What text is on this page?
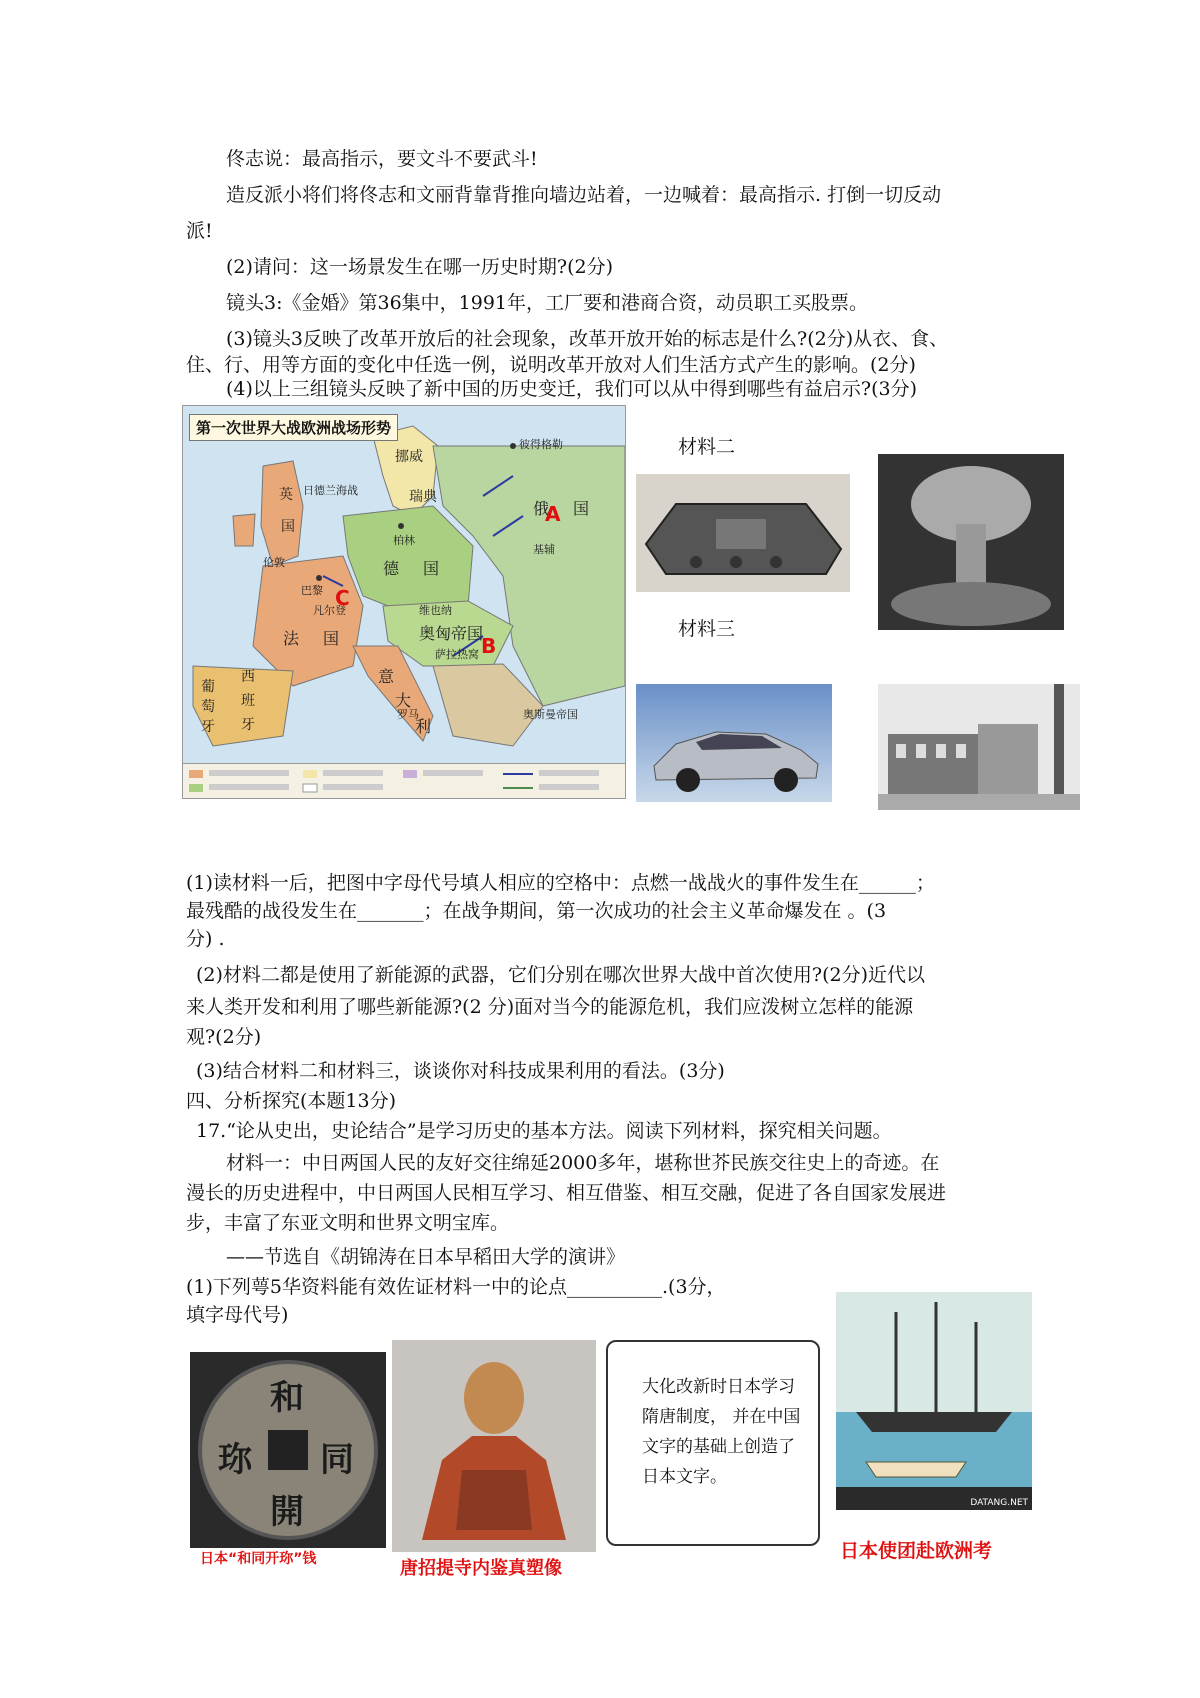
佟志说：最高指示，要文斗不要武斗!
造反派小将们将佟志和文丽背靠背推向墙边站着，一边喊着：最高指示. 打倒一切反动
派!
(2)请问：这一场景发生在哪一历史时期?(2分)
镜头3:《金婚》第36集中，1991年，工厂要和港商合资，动员职工买股票。
(3)镜头3反映了改革开放后的社会现象，改革开放开始的标志是什么?(2分)从衣、食、
住、行、用等方面的变化中任选一例，说明改革开放对人们生活方式产生的影响。(2分)
(4)以上三组镜头反映了新中国的历史变迁，我们可以从中得到哪些有益启示?(3分)
第一次世界大战欧洲战场形势
挪威
瑞典
英
国
俄 国
德 国
法 国	奥匈帝国
意
大
利
西
班
牙
葡
萄
牙
彼得格勒
伦敦
巴黎
柏林
维也纳
萨拉热窝
罗马
基辅
奥斯曼帝国
日德兰海战
凡尔登
A
B
C
材料二
材料三
(1)读材料一后，把图中字母代号填人相应的空格中：点燃一战战火的事件发生在______；
最残酷的战役发生在_______；在战争期间，第一次成功的社会主义革命爆发在 。(3
分) .
(2)材料二都是使用了新能源的武器，它们分别在哪次世界大战中首次使用?(2分)近代以
来人类开发和利用了哪些新能源?(2 分)面对当今的能源危机，我们应泼树立怎样的能源
观?(2分)
(3)结合材料二和材料三，谈谈你对科技成果利用的看法。(3分)
四、分析探究(本题13分)
17.“论从史出，史论结合”是学习历史的基本方法。阅读下列材料，探究相关问题。
材料一：中日两国人民的友好交往绵延2000多年，堪称世芥民族交往史上的奇迹。在
漫长的历史进程中，中日两国人民相互学习、相互借鉴、相互交融，促进了各自国家发展进
步，丰富了东亚文明和世界文明宝库。
——节选自《胡锦涛在日本早稻田大学的演讲》
(1)下列萼5华资料能有效佐证材料一中的论点__________.(3分，
填字母代号)
和
同
開
珎
日本“和同开珎”钱	唐招提寺内鉴真塑像
大化改新时日本学习隋唐制度， 并在中国文字的基础上创造了日本文字。
DATANG.NET
日本使团赴欧洲考
